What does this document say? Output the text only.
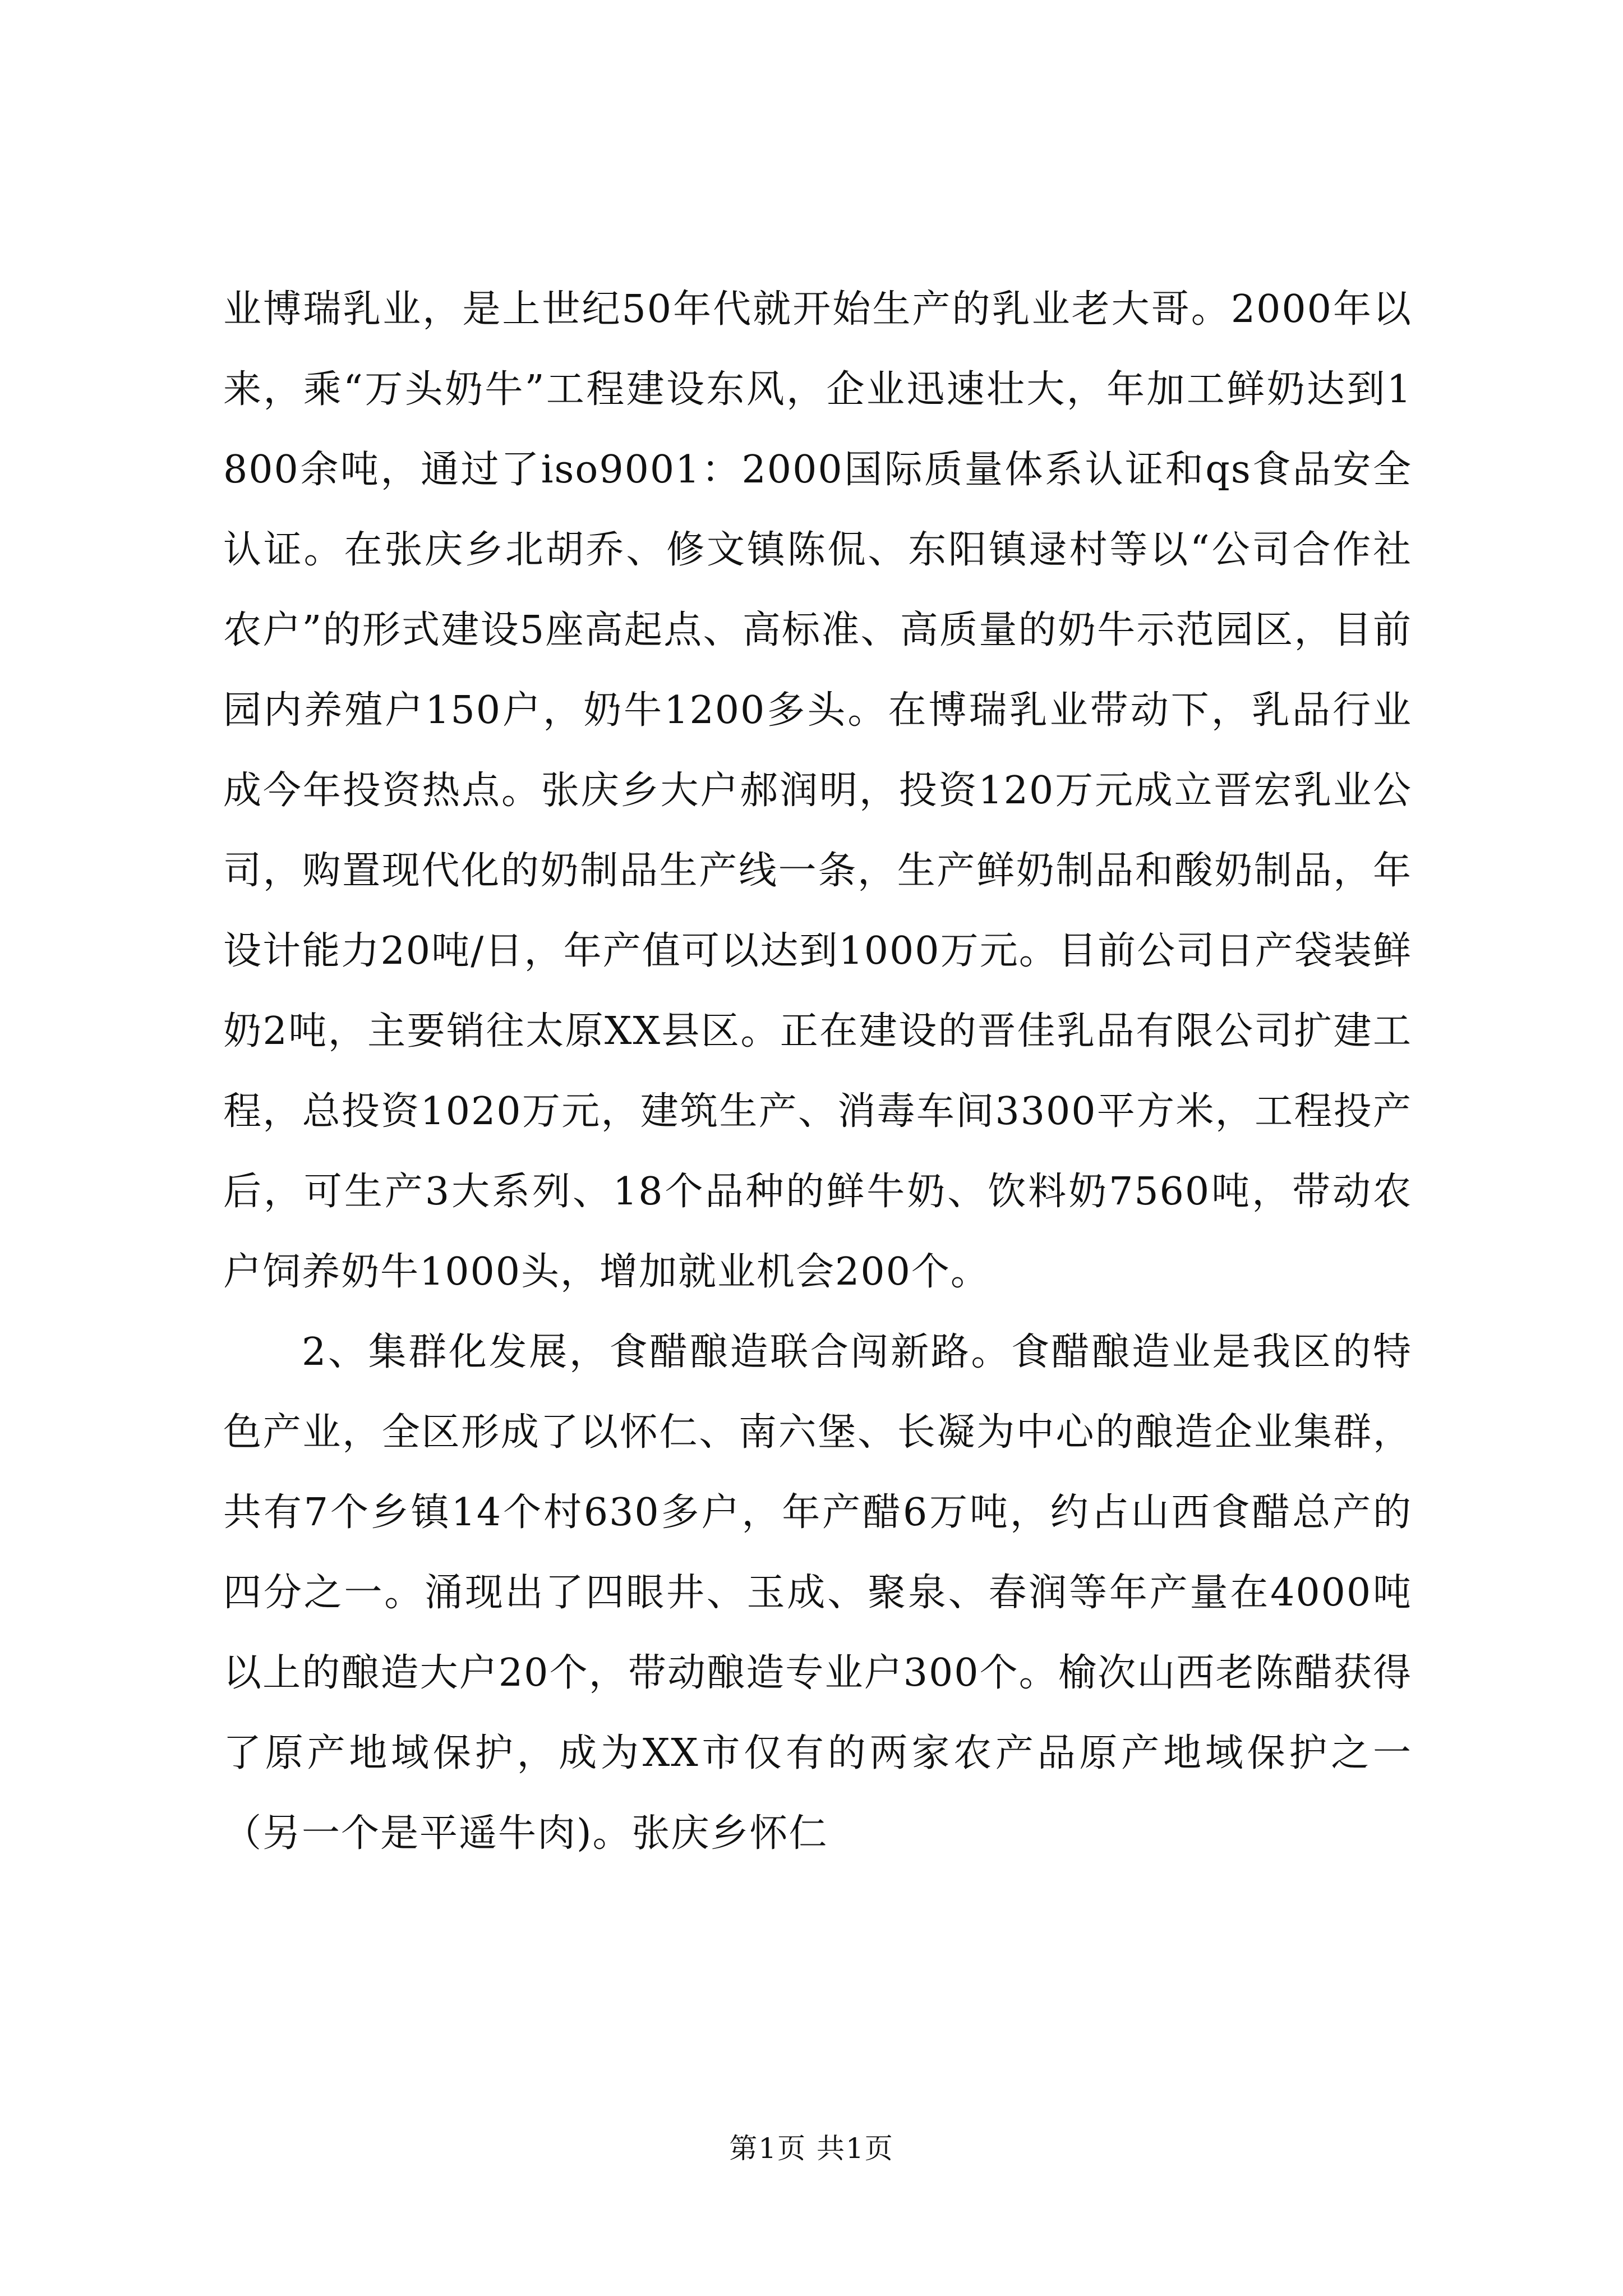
业博瑞乳业，是上世纪50年代就开始生产的乳业老大哥。2000年以来，乘“万头奶牛”工程建设东风，企业迅速壮大，年加工鲜奶达到1800余吨，通过了iso9001：2000国际质量体系认证和qs食品安全认证。在张庆乡北胡乔、修文镇陈侃、东阳镇逯村等以“公司合作社农户”的形式建设5座高起点、高标准、高质量的奶牛示范园区，目前园内养殖户150户，奶牛1200多头。在博瑞乳业带动下，乳品行业成今年投资热点。张庆乡大户郝润明，投资120万元成立晋宏乳业公司，购置现代化的奶制品生产线一条，生产鲜奶制品和酸奶制品，年设计能力20吨/日，年产值可以达到1000万元。目前公司日产袋装鲜奶2吨，主要销往太原XX县区。正在建设的晋佳乳品有限公司扩建工程，总投资1020万元，建筑生产、消毒车间3300平方米，工程投产后，可生产3大系列、18个品种的鲜牛奶、饮料奶7560吨，带动农户饲养奶牛1000头，增加就业机会200个。

2、集群化发展，食醋酿造联合闯新路。食醋酿造业是我区的特色产业，全区形成了以怀仁、南六堡、长凝为中心的酿造企业集群，共有7个乡镇14个村630多户，年产醋6万吨，约占山西食醋总产的四分之一。涌现出了四眼井、玉成、聚泉、春润等年产量在4000吨以上的酿造大户20个，带动酿造专业户300个。榆次山西老陈醋获得了原产地域保护，成为XX市仅有的两家农产品原产地域保护之一（另一个是平遥牛肉)。张庆乡怀仁

第1页 共1页
